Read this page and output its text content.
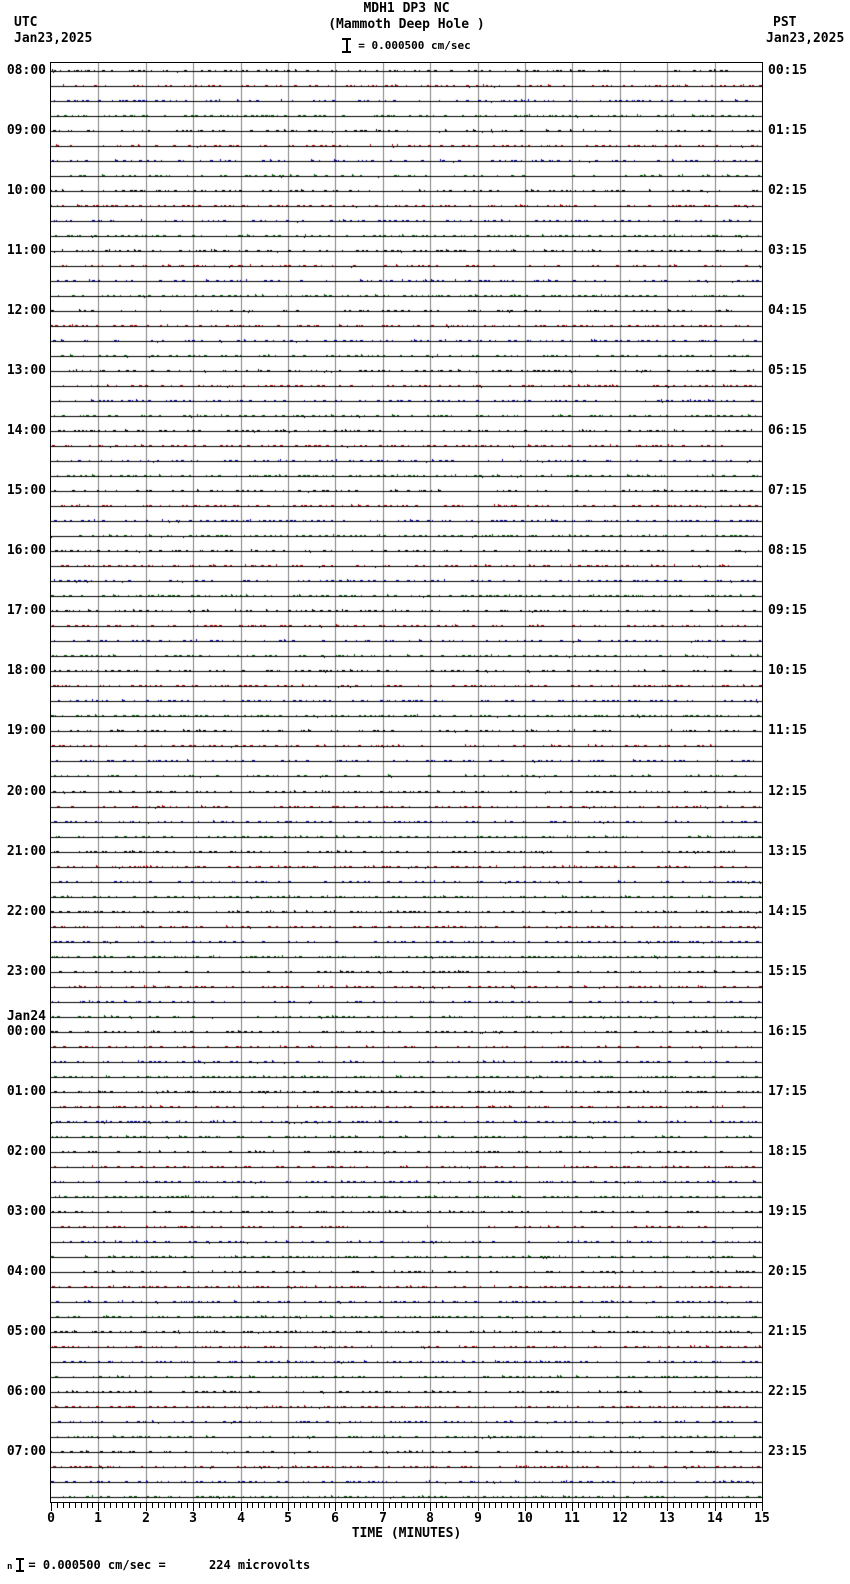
UTC
Jan23,2025
PST
Jan23,2025
MDH1 DP3 NC
(Mammoth Deep Hole )
= 0.000500 cm/sec
08:00
09:00
10:00
11:00
12:00
13:00
14:00
15:00
16:00
17:00
18:00
19:00
20:00
21:00
22:00
23:00
Jan24
00:00
01:00
02:00
03:00
04:00
05:00
06:00
07:00
00:15
01:15
02:15
03:15
04:15
05:15
06:15
07:15
08:15
09:15
10:15
11:15
12:15
13:15
14:15
15:15
16:15
17:15
18:15
19:15
20:15
21:15
22:15
23:15
TIME (MINUTES)
0	1	2	3	4	5	6	7	8	9	10	11	12	13	14	15
n = 0.000500 cm/sec =      224 microvolts
